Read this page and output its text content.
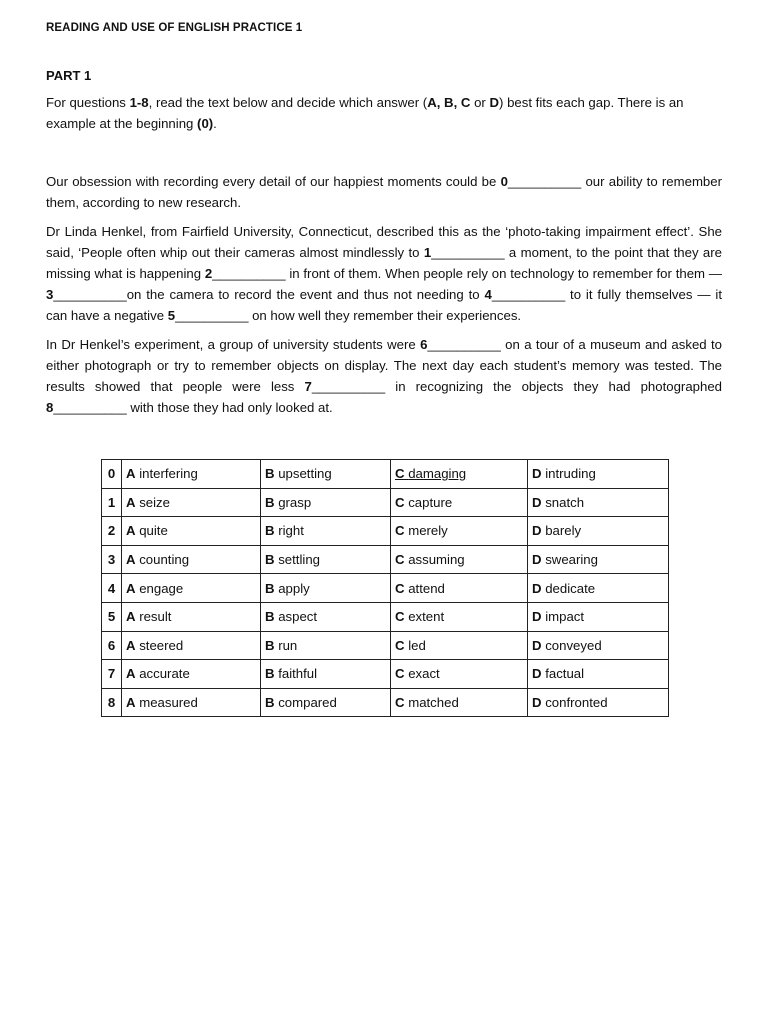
READING AND USE OF ENGLISH PRACTICE 1
PART 1
For questions 1-8, read the text below and decide which answer (A, B, C or D) best fits each gap. There is an example at the beginning (0).

Our obsession with recording every detail of our happiest moments could be 0__________ our ability to remember them, according to new research.

Dr Linda Henkel, from Fairfield University, Connecticut, described this as the ‘photo-taking impairment effect’. She said, ‘People often whip out their cameras almost mindlessly to 1__________ a moment, to the point that they are missing what is happening 2__________ in front of them. When people rely on technology to remember for them — 3__________on the camera to record the event and thus not needing to 4__________ to it fully themselves — it can have a negative 5__________ on how well they remember their experiences.

In Dr Henkel’s experiment, a group of university students were 6__________ on a tour of a museum and asked to either photograph or try to remember objects on display. The next day each student’s memory was tested. The results showed that people were less 7__________ in recognizing the objects they had photographed 8__________ with those they had only looked at.

0	A interfering	B upsetting	C damaging	D intruding
1	A seize	B grasp	C capture	D snatch
2	A quite	B right	C merely	D barely
3	A counting	B settling	C assuming	D swearing
4	A engage	B apply	C attend	D dedicate
5	A result	B aspect	C extent	D impact
6	A steered	B run	C led	D conveyed
7	A accurate	B faithful	C exact	D factual
8	A measured	B compared	C matched	D confronted
